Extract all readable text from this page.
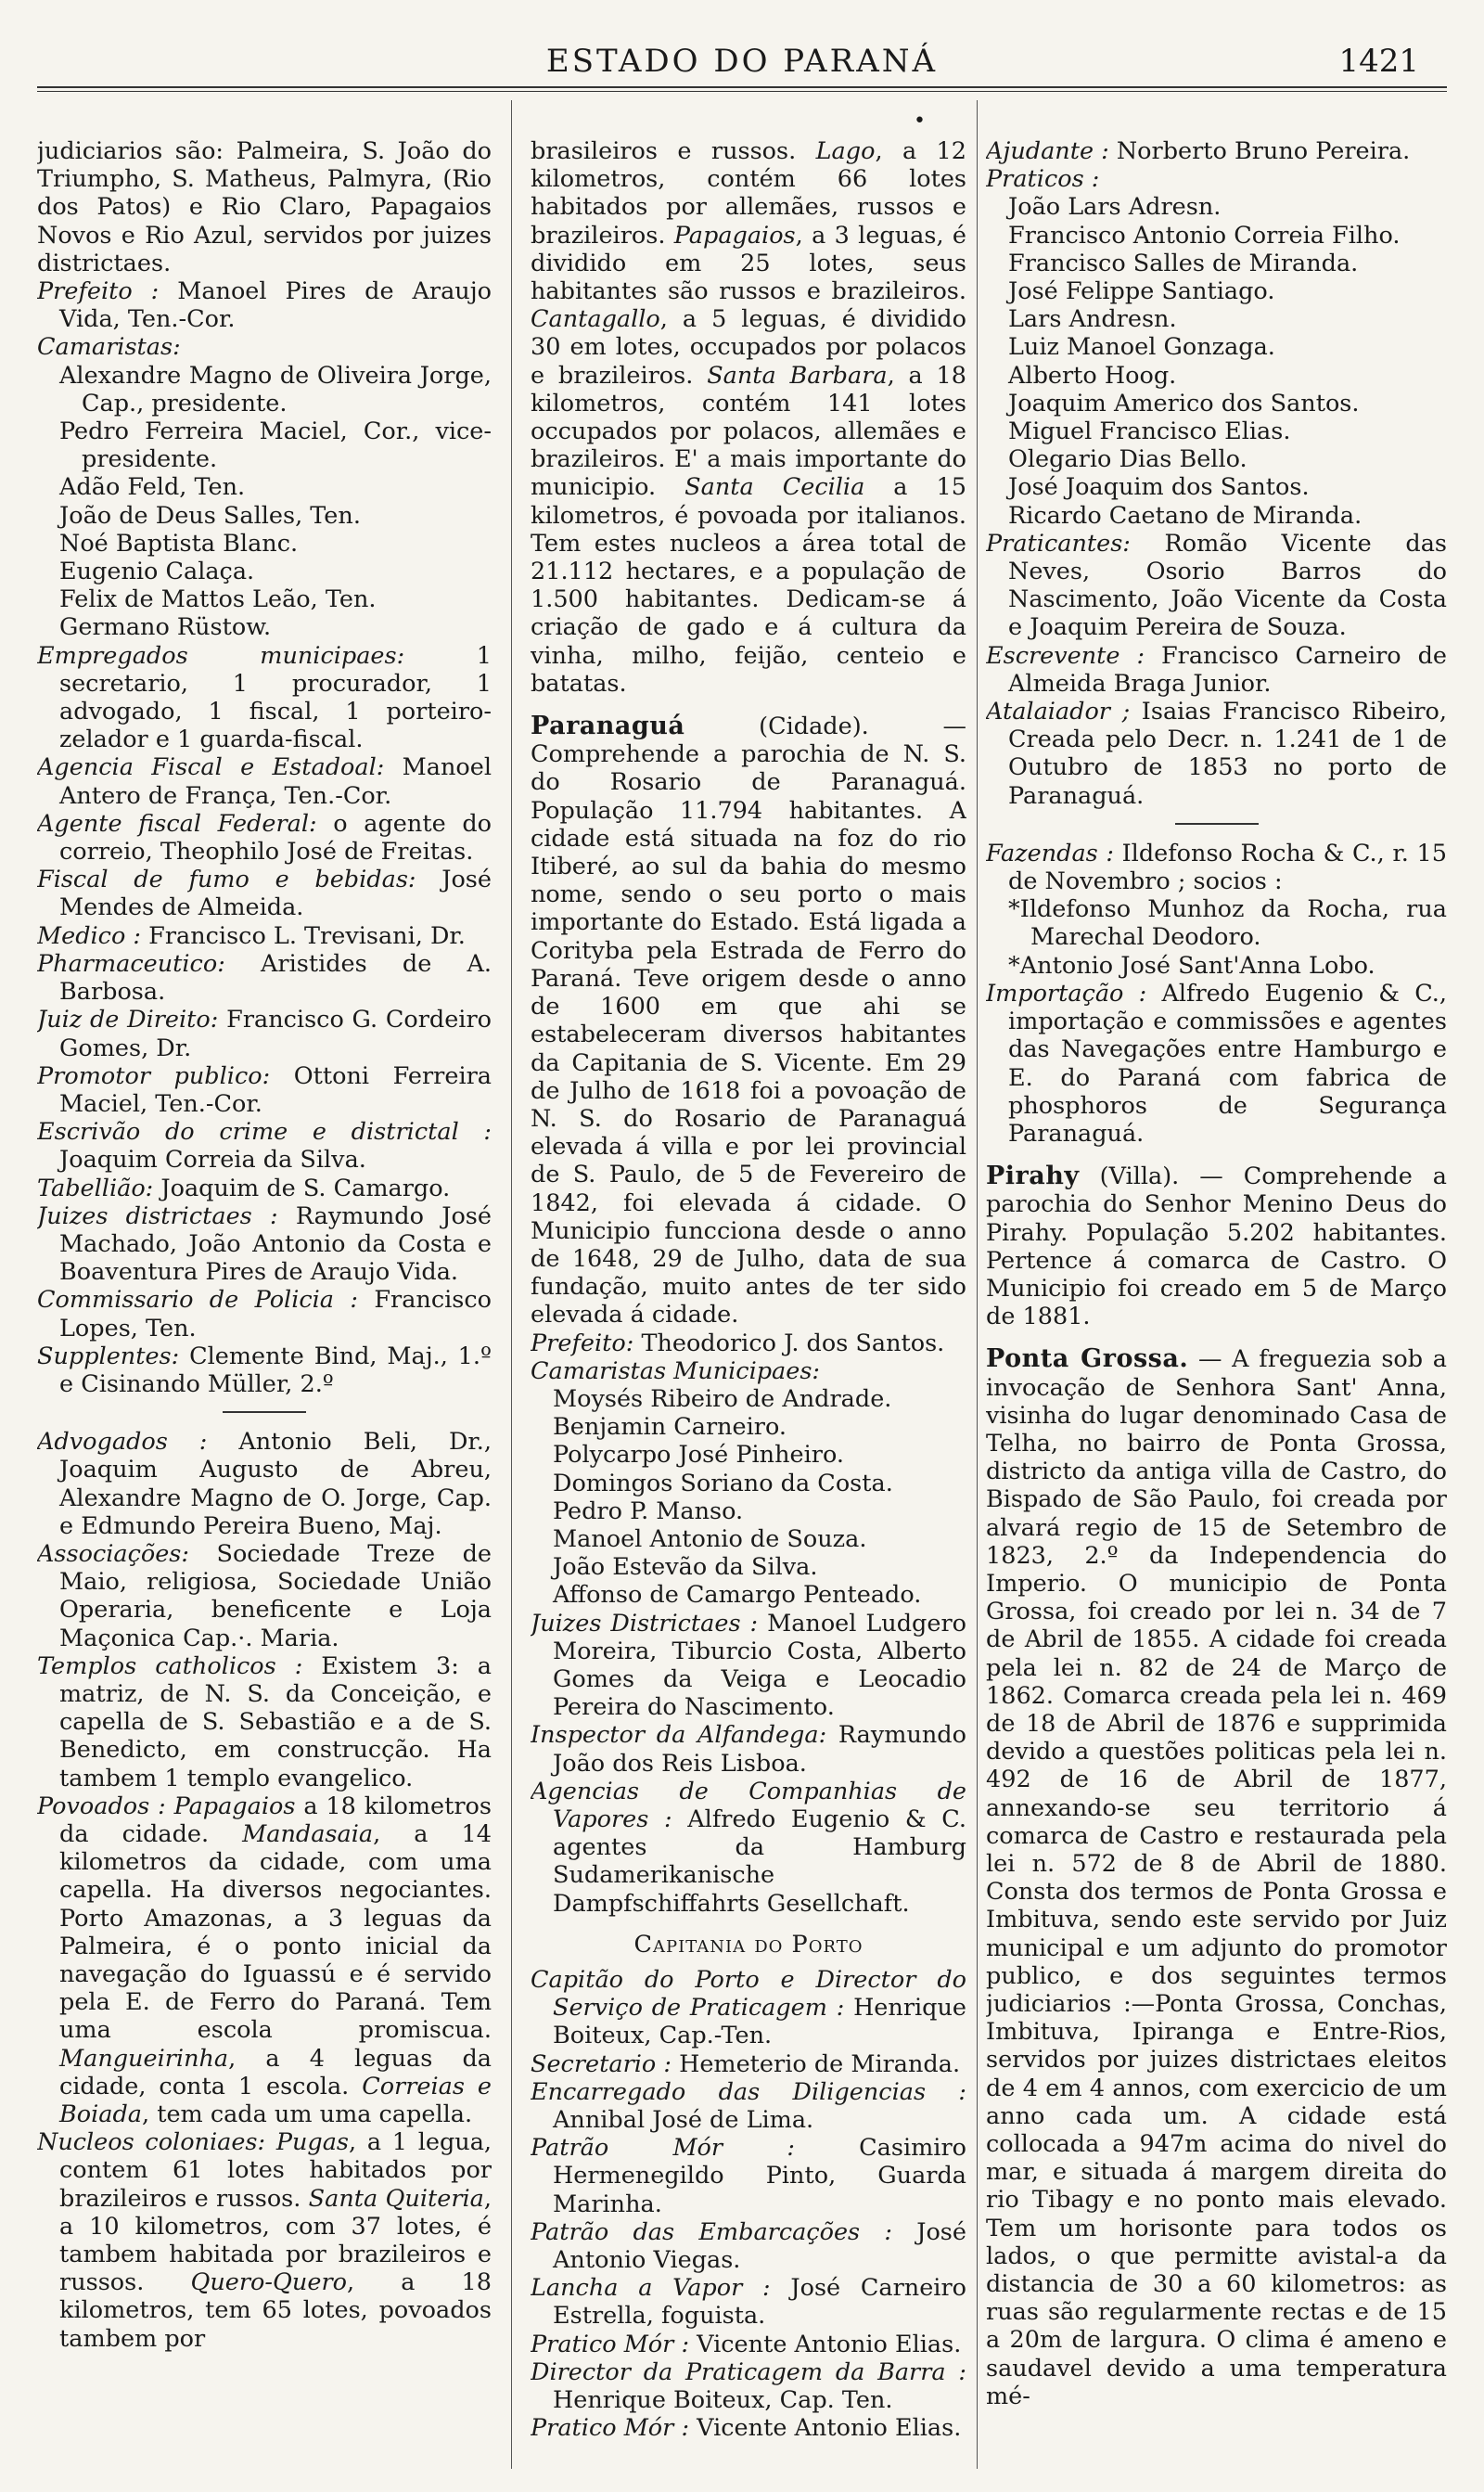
ESTADO DO PARANÁ	1421
•

judiciarios são: Palmeira, S. João do Triumpho, S. Matheus, Palmyra, (Rio dos Patos) e Rio Claro, Papagaios Novos e Rio Azul, servidos por juizes districtaes.

Prefeito : Manoel Pires de Araujo Vida, Ten.-Cor.

Camaristas:

Alexandre Magno de Oliveira Jorge, Cap., presidente.

Pedro Ferreira Maciel, Cor., vice-presidente.

Adão Feld, Ten.

João de Deus Salles, Ten.

Noé Baptista Blanc.

Eugenio Calaça.

Felix de Mattos Leão, Ten.

Germano Rüstow.

Empregados municipaes:	1 secretario, 1 procurador, 1 advogado, 1 fiscal, 1 porteiro-zelador e 1 guarda-fiscal.

Agencia Fiscal e Estadoal: Manoel Antero de França, Ten.-Cor.

Agente fiscal Federal: o agente do correio, Theophilo José de Freitas.

Fiscal de fumo e bebidas: José Mendes de Almeida.

Medico : Francisco L. Trevisani, Dr.

Pharmaceutico: Aristides de A. Barbosa.

Juiz de Direito: Francisco G. Cordeiro Gomes, Dr.

Promotor publico: Ottoni Ferreira Maciel, Ten.-Cor.

Escrivão do crime e districtal : Joaquim Correia da Silva.

Tabellião: Joaquim de S. Camargo.

Juizes districtaes : Raymundo José Machado, João Antonio da Costa e Boaventura Pires de Araujo Vida.

Commissario de Policia : Francisco Lopes, Ten.

Supplentes: Clemente Bind, Maj., 1.º e Cisinando Müller, 2.º

Advogados : Antonio Beli, Dr., Joaquim Augusto de Abreu, Alexandre Magno de O. Jorge, Cap. e Edmundo Pereira Bueno, Maj.

Associações: Sociedade Treze de Maio, religiosa, Sociedade União Operaria, beneficente e Loja Maçonica Cap.·. Maria.

Templos catholicos : Existem 3: a matriz, de N. S. da Conceição, e capella de S. Sebastião e a de S. Benedicto, em construcção. Ha tambem 1 templo evangelico.

Povoados : Papagaios a 18 kilometros da cidade. Mandasaia, a 14 kilometros da cidade, com uma capella. Ha diversos negociantes. Porto Amazonas, a 3 leguas da Palmeira, é o ponto inicial da navegação do Iguassú e é servido pela E. de Ferro do Paraná. Tem uma escola promiscua. Mangueirinha, a 4 leguas da cidade, conta 1 escola. Correias e Boiada, tem cada um uma capella.

Nucleos coloniaes: Pugas, a 1 legua, contem 61 lotes habitados por brazileiros e russos. Santa Quiteria, a 10 kilometros, com 37 lotes, é tambem habitada por brazileiros e russos. Quero-Quero, a 18 kilometros, tem 65 lotes, povoados tambem por

brasileiros e russos. Lago, a 12 kilometros, contém 66 lotes habitados por allemães, russos e brazileiros. Papagaios, a 3 leguas, é dividido em 25 lotes, seus habitantes são russos e brazileiros. Cantagallo, a 5 leguas, é dividido 30 em lotes, occupados por polacos e brazileiros. Santa Barbara, a 18 kilometros, contém 141 lotes occupados por polacos, allemães e brazileiros. E' a mais importante do municipio. Santa Cecilia a 15 kilometros, é povoada por italianos. Tem estes nucleos a área total de 21.112 hectares, e a população de 1.500 habitantes. Dedicam-se á criação de gado e á cultura da vinha, milho, feijão, centeio e batatas.

Paranaguá (Cidade). — Comprehende a parochia de N. S. do Rosario de Paranaguá. População 11.794 habitantes. A cidade está situada na foz do rio Itiberé, ao sul da bahia do mesmo nome, sendo o seu porto o mais importante do Estado. Está ligada a Corityba pela Estrada de Ferro do Paraná. Teve origem desde o anno de 1600 em que ahi se estabeleceram diversos habitantes da Capitania de S. Vicente. Em 29 de Julho de 1618 foi a povoação de N. S. do Rosario de Paranaguá elevada á villa e por lei provincial de S. Paulo, de 5 de Fevereiro de 1842, foi elevada á cidade. O Municipio funcciona desde o anno de 1648, 29 de Julho, data de sua fundação, muito antes de ter sido elevada á cidade.

Prefeito: Theodorico J. dos Santos.

Camaristas Municipaes:

Moysés Ribeiro de Andrade.

Benjamin Carneiro.

Polycarpo José Pinheiro.

Domingos Soriano da Costa.

Pedro P. Manso.

Manoel Antonio de Souza.

João Estevão da Silva.

Affonso de Camargo Penteado.

Juizes Districtaes : Manoel Ludgero Moreira, Tiburcio Costa, Alberto Gomes da Veiga e Leocadio Pereira do Nascimento.

Inspector da Alfandega: Raymundo João dos Reis Lisboa.

Agencias de Companhias de Vapores : Alfredo Eugenio & C. agentes da Hamburg Sudamerikanische Dampfschiffahrts Gesellchaft.

Capitania do Porto

Capitão do Porto e Director do Serviço de Praticagem : Henrique Boiteux, Cap.-Ten.

Secretario : Hemeterio de Miranda.

Encarregado das Diligencias : Annibal José de Lima.

Patrão Mór :	Casimiro Hermenegildo Pinto, Guarda Marinha.

Patrão das Embarcações : José Antonio Viegas.

Lancha a Vapor : José Carneiro Estrella, foguista.

Pratico Mór : Vicente Antonio Elias.

Director da Praticagem da Barra : Henrique Boiteux, Cap. Ten.

Pratico Mór : Vicente Antonio Elias.

Ajudante : Norberto Bruno Pereira.

Praticos :

João Lars Adresn.

Francisco Antonio Correia Filho.

Francisco Salles de Miranda.

José Felippe Santiago.

Lars Andresn.

Luiz Manoel Gonzaga.

Alberto Hoog.

Joaquim Americo dos Santos.

Miguel Francisco Elias.

Olegario Dias Bello.

José Joaquim dos Santos.

Ricardo Caetano de Miranda.

Praticantes: Romão Vicente das Neves, Osorio Barros do Nascimento, João Vicente da Costa e Joaquim Pereira de Souza.

Escrevente : Francisco Carneiro de Almeida Braga Junior.

Atalaiador ; Isaias Francisco Ribeiro, Creada pelo Decr. n. 1.241 de 1 de Outubro de 1853 no porto de Paranaguá.

Fazendas : Ildefonso Rocha & C., r. 15 de Novembro ; socios :

*Ildefonso Munhoz da Rocha, rua Marechal Deodoro.

*Antonio José Sant'Anna Lobo.

Importação : Alfredo Eugenio & C., importação e commissões e agentes das Navegações entre Hamburgo e E. do Paraná com fabrica de phosphoros de Segurança Paranaguá.

Pirahy (Villa). — Comprehende a parochia do Senhor Menino Deus do Pirahy. População 5.202 habitantes. Pertence á comarca de Castro. O Municipio foi creado em 5 de Março de 1881.

Ponta Grossa. — A freguezia sob a invocação de Senhora Sant' Anna, visinha do lugar denominado Casa de Telha, no bairro de Ponta Grossa, districto da antiga villa de Castro, do Bispado de São Paulo, foi creada por alvará regio de 15 de Setembro de 1823, 2.º da Independencia do Imperio. O municipio de Ponta Grossa, foi creado por lei n. 34 de 7 de Abril de 1855. A cidade foi creada pela lei n. 82 de 24 de Março de 1862. Comarca creada pela lei n. 469 de 18 de Abril de 1876 e supprimida devido a questões politicas pela lei n. 492 de 16 de Abril de 1877, annexando-se seu territorio á comarca de Castro e restaurada pela lei n. 572 de 8 de Abril de 1880. Consta dos termos de Ponta Grossa e Imbituva, sendo este servido por Juiz municipal e um adjunto do promotor publico, e dos seguintes termos judiciarios :—Ponta Grossa, Conchas, Imbituva, Ipiranga e Entre-Rios, servidos por juizes districtaes eleitos de 4 em 4 annos, com exercicio de um anno cada um. A cidade está collocada a 947m acima do nivel do mar, e situada á margem direita do rio Tibagy e no ponto mais elevado. Tem um horisonte para todos os lados, o que permitte avistal-a da distancia de 30 a 60 kilometros: as ruas são regularmente rectas e de 15 a 20m de largura. O clima é ameno e saudavel devido a uma temperatura mé-
